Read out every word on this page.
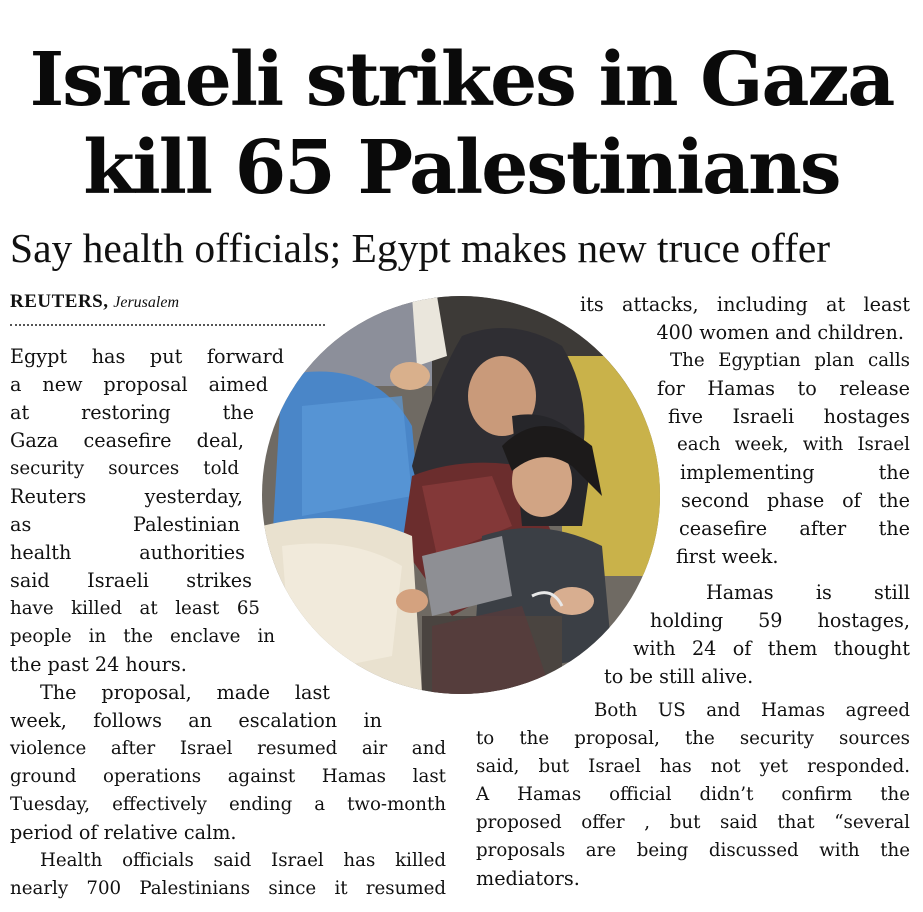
Israeli strikes in Gaza
kill 65 Palestinians
Say health officials; Egypt makes new truce offer
REUTERS, Jerusalem
Egypt has put forward
a new proposal aimed
at restoring the
Gaza ceasefire deal,
security sources told
Reuters yesterday,
as Palestinian
health authorities
said Israeli strikes
have killed at least 65
people in the enclave in
the past 24 hours.
The proposal, made last
week, follows an escalation in
violence after Israel resumed air and
ground operations against Hamas last
Tuesday, effectively ending a two-month
period of relative calm.
Health officials said Israel has killed
nearly 700 Palestinians since it resumed
its attacks, including at least
400 women and children.
The Egyptian plan calls
for Hamas to release
five Israeli hostages
each week, with Israel
implementing the
second phase of the
ceasefire after the
first week.
Hamas is still
holding 59 hostages,
with 24 of them thought
to be still alive.
Both US and Hamas agreed
to the proposal, the security sources
said, but Israel has not yet responded.
A Hamas official didn’t confirm the
proposed offer , but said that “several
proposals are being discussed with the
mediators.
